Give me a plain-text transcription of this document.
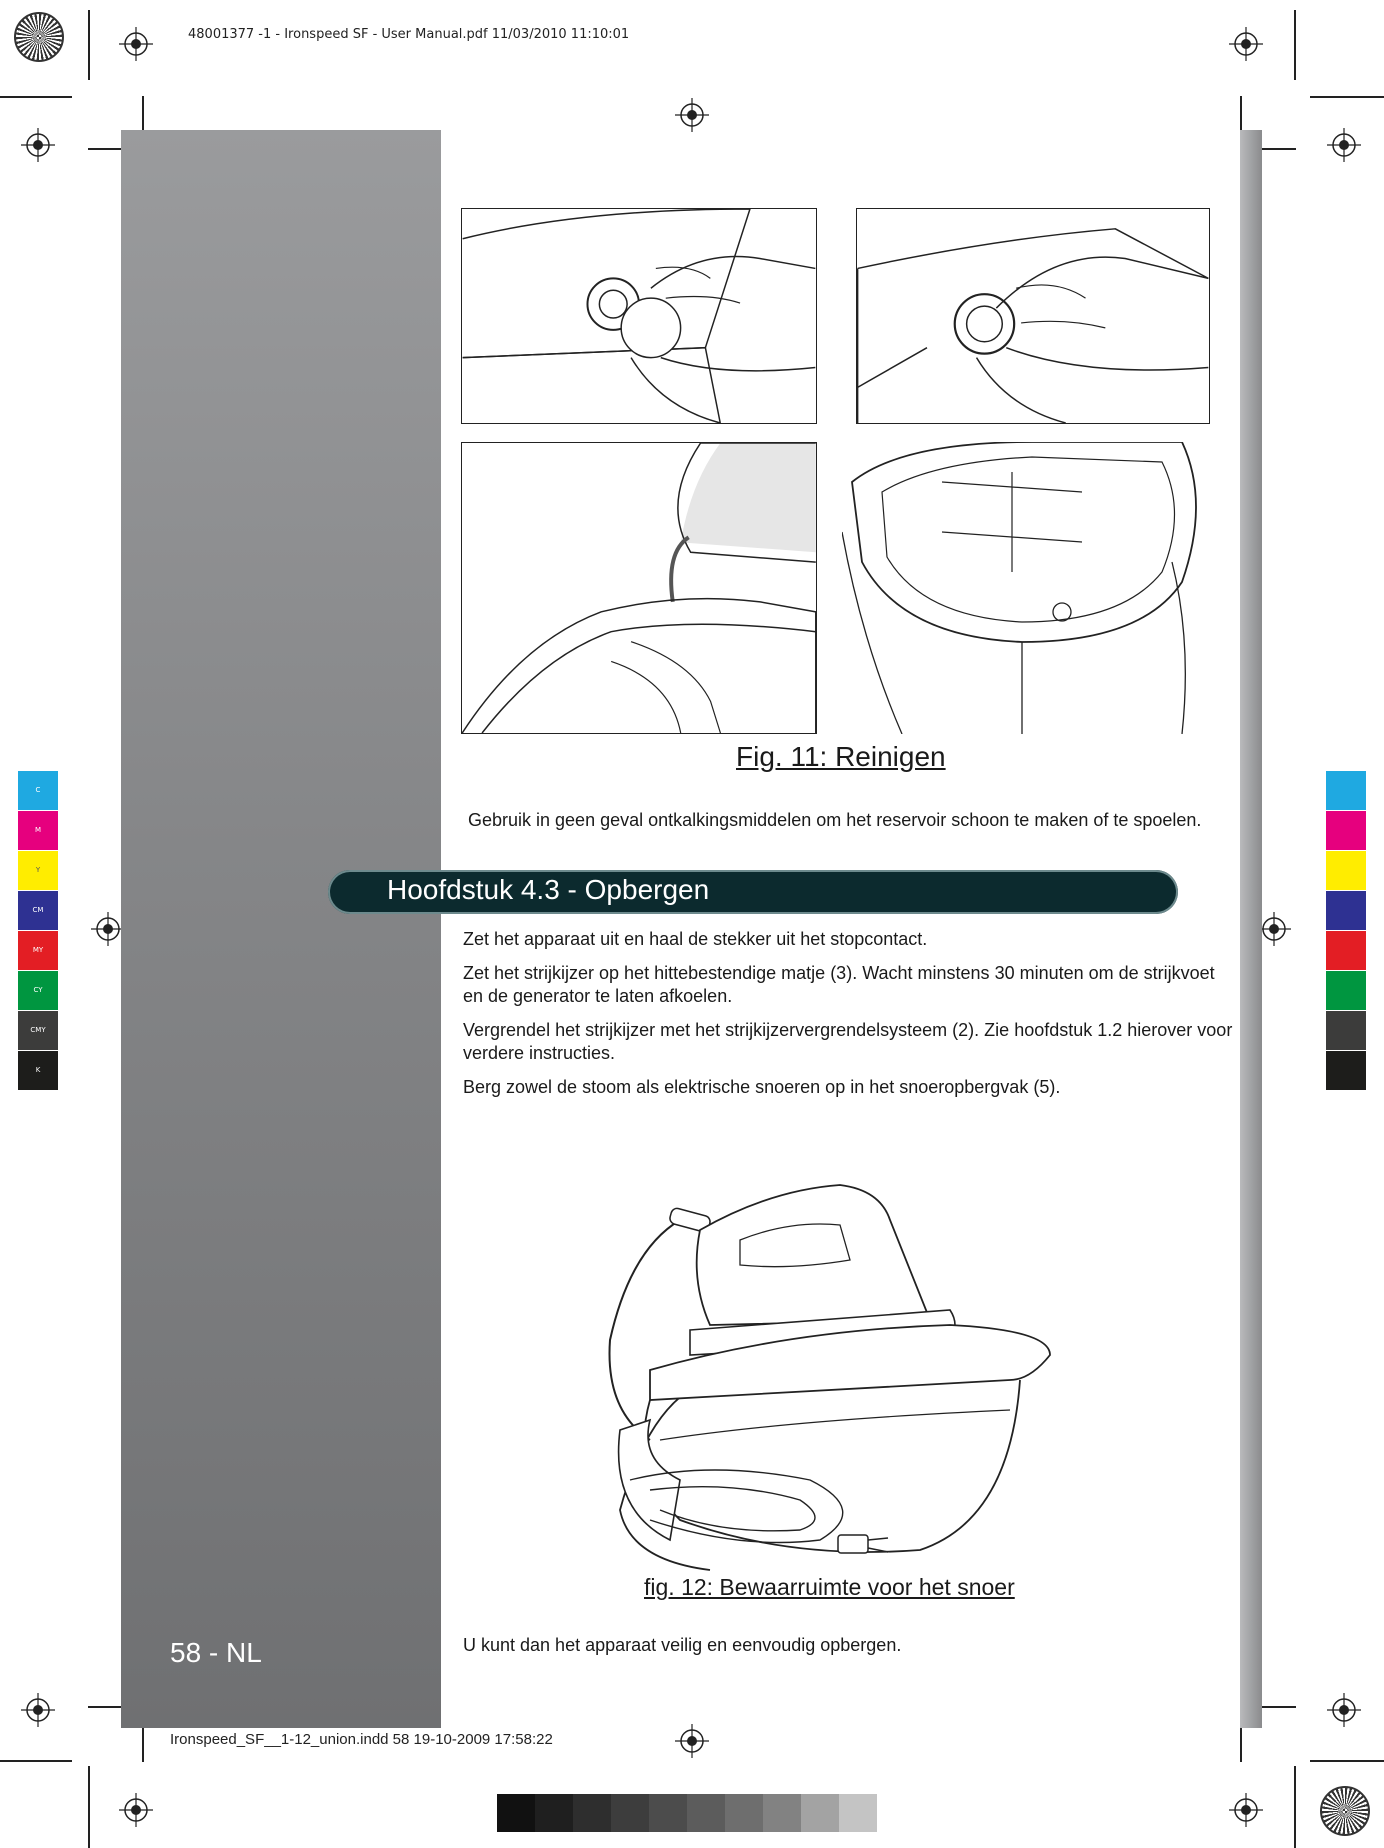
48001377 -1 - Ironspeed SF - User Manual.pdf 11/03/2010 11:10:01
C
M
Y
CM
MY
CY
CMY
K
Fig. 11: Reinigen

Gebruik in geen geval ontkalkingsmiddelen om het reservoir schoon te maken of te spoelen.

Hoofdstuk 4.3 - Opbergen

Zet het apparaat uit en haal de stekker uit het stopcontact.

Zet het strijkijzer op het hittebestendige matje (3). Wacht minstens 30 minuten om de strijkvoet en de generator te laten afkoelen.

Vergrendel het strijkijzer met het strijkijzervergrendelsysteem (2). Zie hoofdstuk 1.2 hierover voor verdere instructies.

Berg zowel de stoom als elektrische snoeren op in het snoeropbergvak (5).

fig. 12: Bewaarruimte voor het snoer

U kunt dan het apparaat veilig en eenvoudig opbergen.

58 - NL
Ironspeed_SF__1-12_union.indd 58 19-10-2009 17:58:22
